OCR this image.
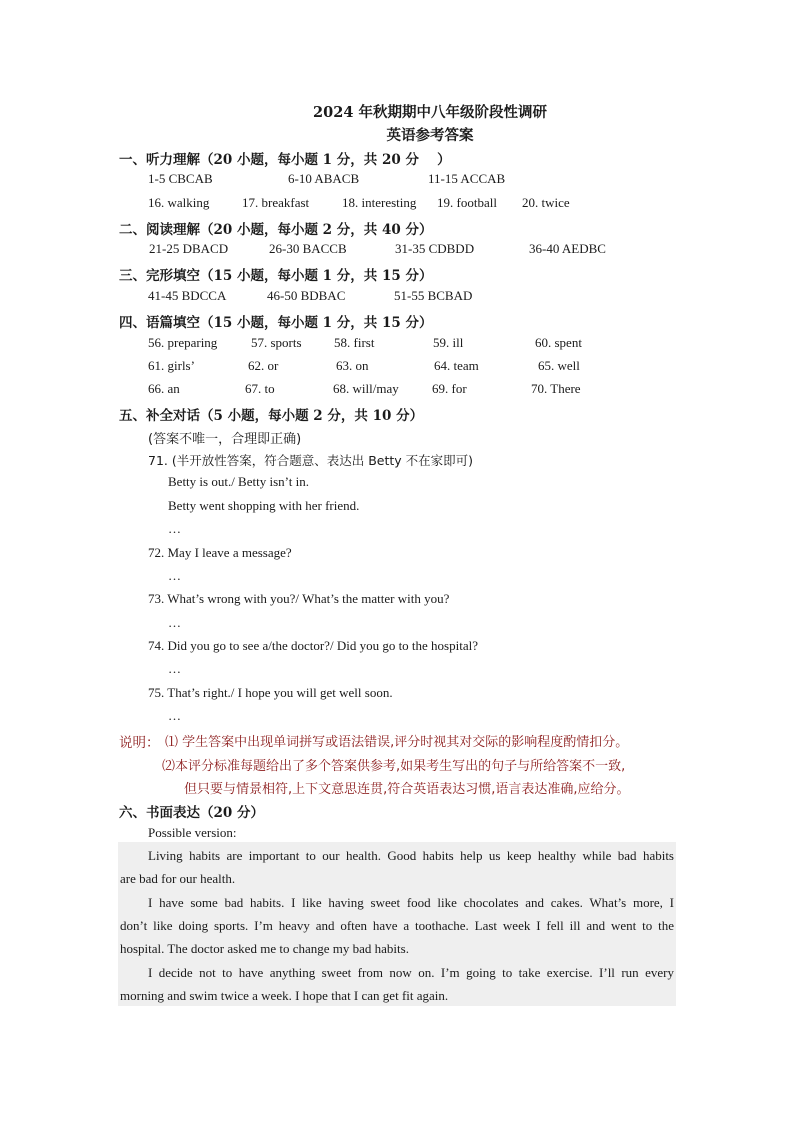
2024 年秋期期中八年级阶段性调研
英语参考答案
一、听力理解（20 小题，每小题 1 分，共 20 分 　）
1-5 CBCAB	6-10 ABACB	11-15 ACCAB
16. walking	17. breakfast	18. interesting 19. football 20. twice
二、阅读理解（20 小题，每小题 2 分，共 40 分）
21-25 DBACD	26-30 BACCB	31-35 CDBDD	36-40 AEDBC
三、完形填空（15 小题，每小题 1 分，共 15 分）
41-45 BDCCA	46-50 BDBAC	51-55 BCBAD
四、语篇填空（15 小题，每小题 1 分，共 15 分）
56. preparing	57. sports 58. first	59. ill	60. spent
61. girls’	62. or	63. on	64. team	65. well
66. an	67. to	68. will/may	69. for	70. There
五、补全对话（5 小题，每小题 2 分，共 10 分）
(答案不唯一，合理即正确)
71. (半开放性答案，符合题意、表达出 Betty 不在家即可)
Betty is out./ Betty isn’t in.
Betty went shopping with her friend.
…
72. May I leave a message?
…
73. What’s wrong with you?/ What’s the matter with you?
…
74. Did you go to see a/the doctor?/ Did you go to the hospital?
…
75. That’s right./ I hope you will get well soon.
…
说明： ⑴ 学生答案中出现单词拼写或语法错误,评分时视其对交际的影响程度酌情扣分。
⑵本评分标准每题给出了多个答案供参考,如果考生写出的句子与所给答案不一致,
但只要与情景相符,上下文意思连贯,符合英语表达习惯,语言表达准确,应给分。
六、书面表达（20 分）
Possible version:
Living habits are important to our health. Good habits help us keep healthy while bad habits
are bad for our health.
I have some bad habits. I like having sweet food like chocolates and cakes. What’s more, I
don’t like doing sports. I’m heavy and often have a toothache. Last week I fell ill and went to the
hospital. The doctor asked me to change my bad habits.
I decide not to have anything sweet from now on. I’m going to take exercise. I’ll run every
morning and swim twice a week. I hope that I can get fit again.
